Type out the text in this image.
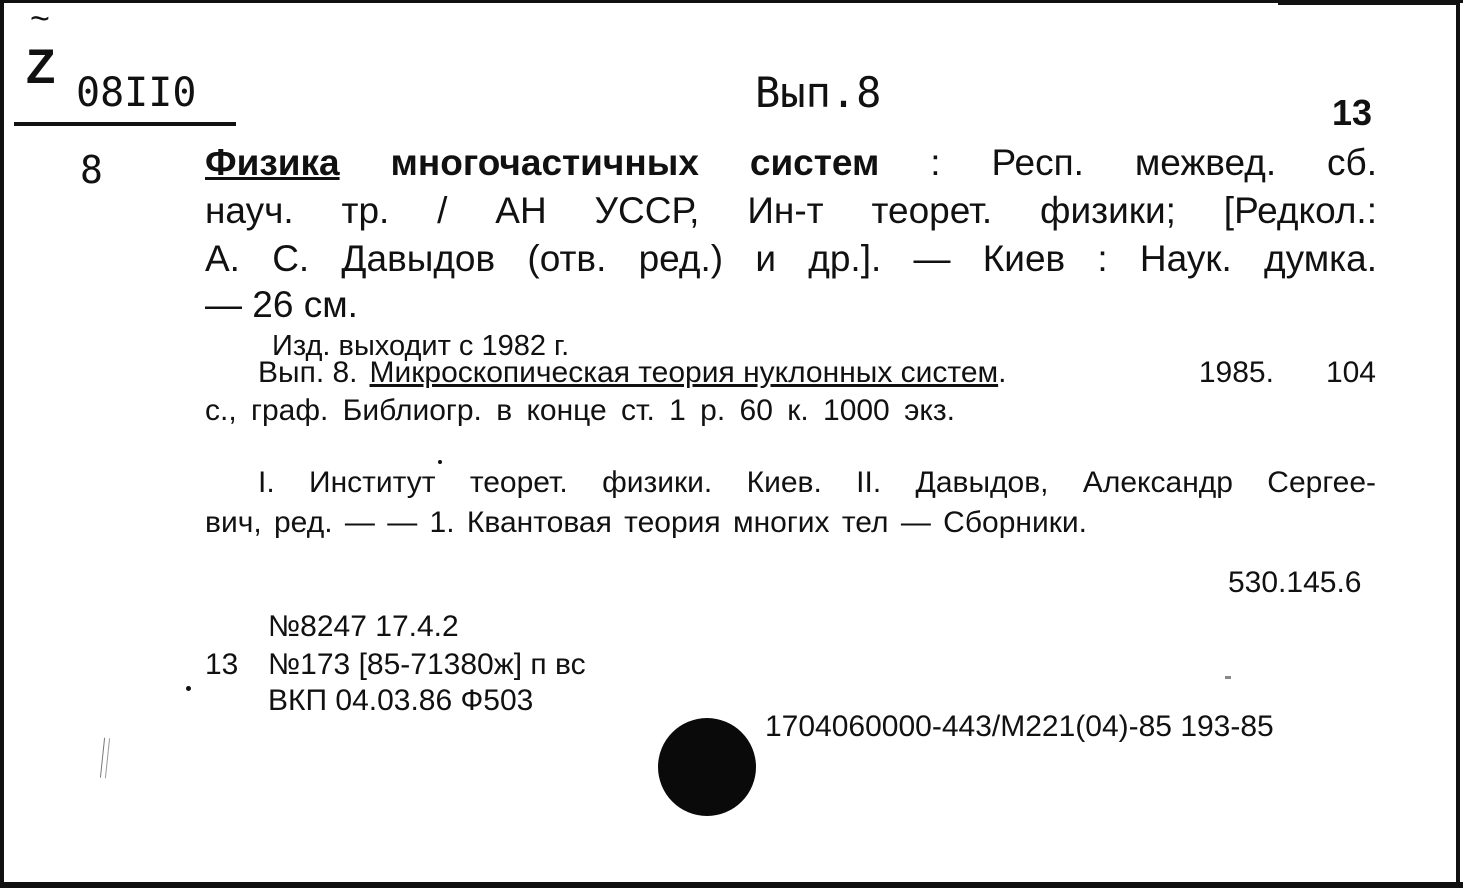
~
Z 08II0	Вып.8	13
8	Физика многочастичных систем : Респ. межвед. сб.
науч. тр. / АН УССР, Ин-т теорет. физики; [Редкол.:
А. С. Давыдов (отв. ред.) и др.]. — Киев : Наук. думка.
— 26 см.
Изд. выходит с 1982 г.
Вып. 8. Микроскопическая теория нуклонных систем.	1985. 104
с., граф. Библиогр. в конце ст. 1 р. 60 к. 1000 экз.
I. Институт теорет. физики. Киев. II. Давыдов, Александр Сергее-
вич, ред. — — 1. Квантовая теория многих тел — Сборники.
530.145.6
№8247 17.4.2
13 №173 [85-71380ж] п вс
ВКП 04.03.86 Ф503
1704060000-443/М221(04)-85 193-85
